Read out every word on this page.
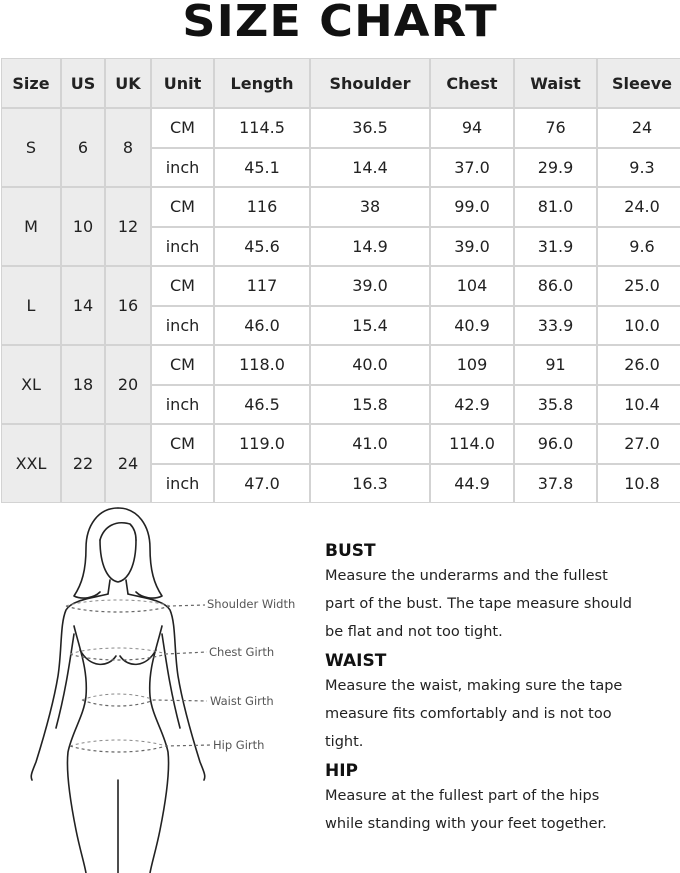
SIZE CHART
Size	US	UK	Unit	Length	Shoulder	Chest	Waist	Sleeve
S	6	8	CM	114.5	36.5	94	76	24
			inch	45.1	14.4	37.0	29.9	9.3
M	10	12	CM	116	38	99.0	81.0	24.0
			inch	45.6	14.9	39.0	31.9	9.6
L	14	16	CM	117	39.0	104	86.0	25.0
			inch	46.0	15.4	40.9	33.9	10.0
XL	18	20	CM	118.0	40.0	109	91	26.0
			inch	46.5	15.8	42.9	35.8	10.4
XXL	22	24	CM	119.0	41.0	114.0	96.0	27.0
			inch	47.0	16.3	44.9	37.8	10.8
Shoulder Width
Chest Girth
Waist Girth
Hip Girth
BUST

Measure the underarms and the fullest

part of the bust. The tape measure should

be flat and not too tight.

WAIST

Measure the waist, making sure the tape

measure fits comfortably and is not too

tight.

HIP

Measure at the fullest part of the hips

while standing with your feet together.
